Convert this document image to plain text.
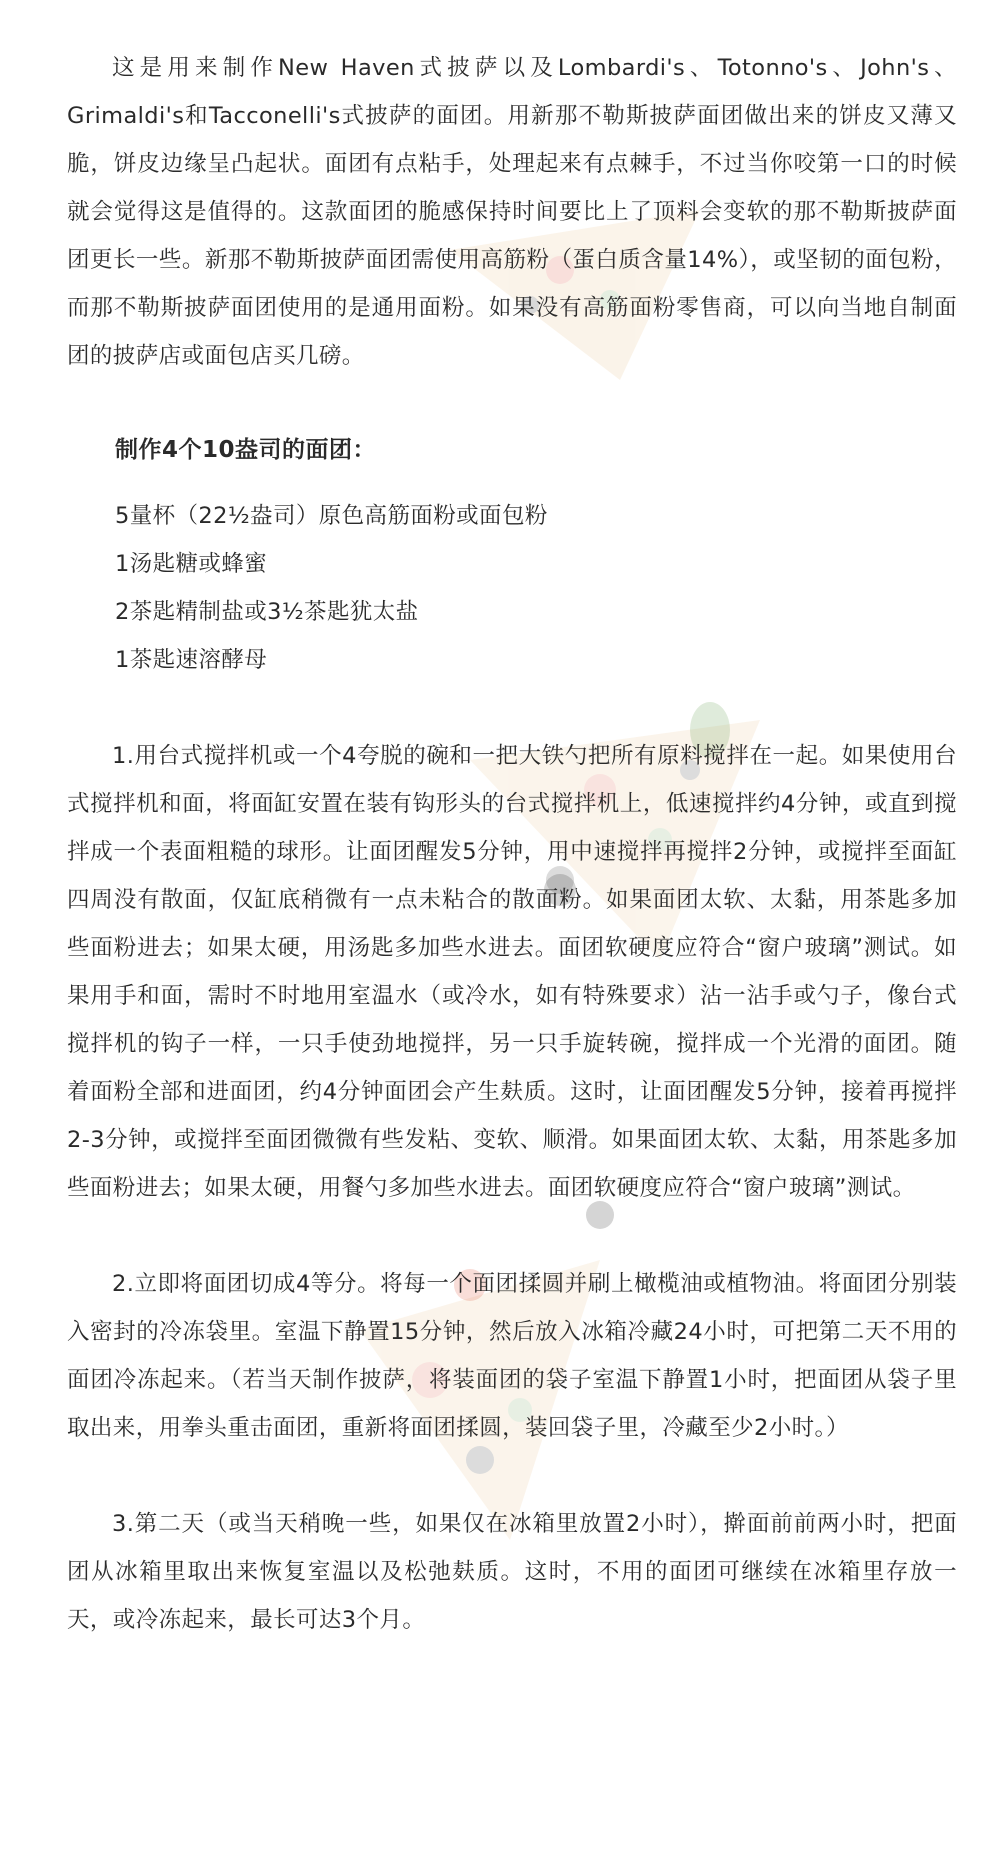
这是用来制作New Haven式披萨以及Lombardi's、Totonno's、John's、Grimaldi's和Tacconelli's式披萨的面团。用新那不勒斯披萨面团做出来的饼皮又薄又脆，饼皮边缘呈凸起状。面团有点粘手，处理起来有点棘手，不过当你咬第一口的时候就会觉得这是值得的。这款面团的脆感保持时间要比上了顶料会变软的那不勒斯披萨面团更长一些。新那不勒斯披萨面团需使用高筋粉（蛋白质含量14%），或坚韧的面包粉，而那不勒斯披萨面团使用的是通用面粉。如果没有高筋面粉零售商，可以向当地自制面团的披萨店或面包店买几磅。

制作4个10盎司的面团：
5量杯（22½盎司）原色高筋面粉或面包粉
1汤匙糖或蜂蜜
2茶匙精制盐或3½茶匙犹太盐
1茶匙速溶酵母

1.用台式搅拌机或一个4夸脱的碗和一把大铁勺把所有原料搅拌在一起。如果使用台式搅拌机和面，将面缸安置在装有钩形头的台式搅拌机上，低速搅拌约4分钟，或直到搅拌成一个表面粗糙的球形。让面团醒发5分钟，用中速搅拌再搅拌2分钟，或搅拌至面缸四周没有散面，仅缸底稍微有一点未粘合的散面粉。如果面团太软、太黏，用茶匙多加些面粉进去；如果太硬，用汤匙多加些水进去。面团软硬度应符合“窗户玻璃”测试。如果用手和面，需时不时地用室温水（或冷水，如有特殊要求）沾一沾手或勺子，像台式搅拌机的钩子一样，一只手使劲地搅拌，另一只手旋转碗，搅拌成一个光滑的面团。随着面粉全部和进面团，约4分钟面团会产生麸质。这时，让面团醒发5分钟，接着再搅拌2-3分钟，或搅拌至面团微微有些发粘、变软、顺滑。如果面团太软、太黏，用茶匙多加些面粉进去；如果太硬，用餐勺多加些水进去。面团软硬度应符合“窗户玻璃”测试。

2.立即将面团切成4等分。将每一个面团揉圆并刷上橄榄油或植物油。将面团分别装入密封的冷冻袋里。室温下静置15分钟，然后放入冰箱冷藏24小时，可把第二天不用的面团冷冻起来。（若当天制作披萨，将装面团的袋子室温下静置1小时，把面团从袋子里取出来，用拳头重击面团，重新将面团揉圆，装回袋子里，冷藏至少2小时。）

3.第二天（或当天稍晚一些，如果仅在冰箱里放置2小时），擀面前前两小时，把面团从冰箱里取出来恢复室温以及松弛麸质。这时，不用的面团可继续在冰箱里存放一天，或冷冻起来，最长可达3个月。
